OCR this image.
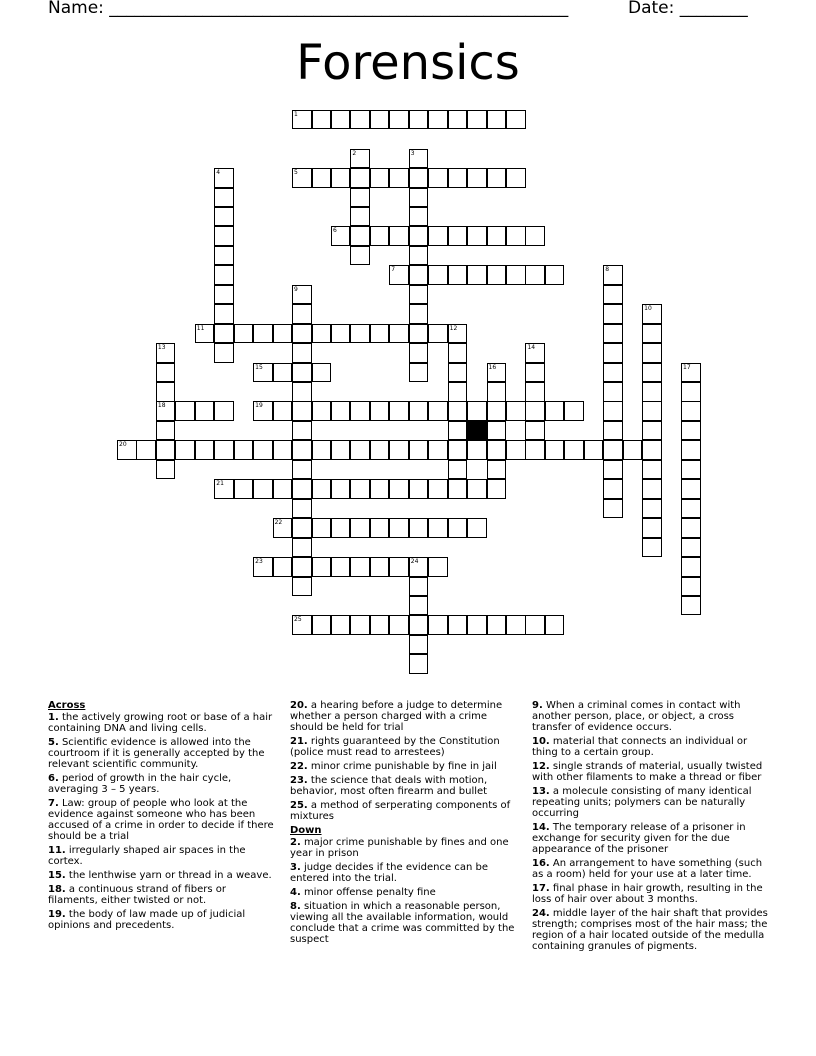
Name: ______________________________________________________	Date: ________
Forensics
1
5
6
7
11
15
18	19
20
21
22
23	24
25
2	3
4
8
9
10
12
13	14
16	17
Across
1. the actively growing root or base of a hair containing DNA and living cells.
5. Scientific evidence is allowed into the courtroom if it is generally accepted by the relevant scientific community.
6. period of growth in the hair cycle, averaging 3 – 5 years.
7. Law: group of people who look at the evidence against someone who has been accused of a crime in order to decide if there should be a trial
11. irregularly shaped air spaces in the cortex.
15. the lenthwise yarn or thread in a weave.
18. a continuous strand of fibers or filaments, either twisted or not.
19. the body of law made up of judicial opinions and precedents.
20. a hearing before a judge to determine whether a person charged with a crime should be held for trial
21. rights guaranteed by the Constitution (police must read to arrestees)
22. minor crime punishable by fine in jail
23. the science that deals with motion, behavior, most often firearm and bullet
25. a method of serperating components of mixtures
Down
2. major crime punishable by fines and one year in prison
3. judge decides if the evidence can be entered into the trial.
4. minor offense penalty fine
8. situation in which a reasonable person, viewing all the available information, would conclude that a crime was committed by the suspect
9. When a criminal comes in contact with another person, place, or object, a cross transfer of evidence occurs.
10. material that connects an individual or thing to a certain group.
12. single strands of material, usually twisted with other filaments to make a thread or fiber
13. a molecule consisting of many identical repeating units; polymers can be naturally occurring
14. The temporary release of a prisoner in exchange for security given for the due appearance of the prisoner
16. An arrangement to have something (such as a room) held for your use at a later time.
17. final phase in hair growth, resulting in the loss of hair over about 3 months.
24. middle layer of the hair shaft that provides strength; comprises most of the hair mass; the region of a hair located outside of the medulla containing granules of pigments.
